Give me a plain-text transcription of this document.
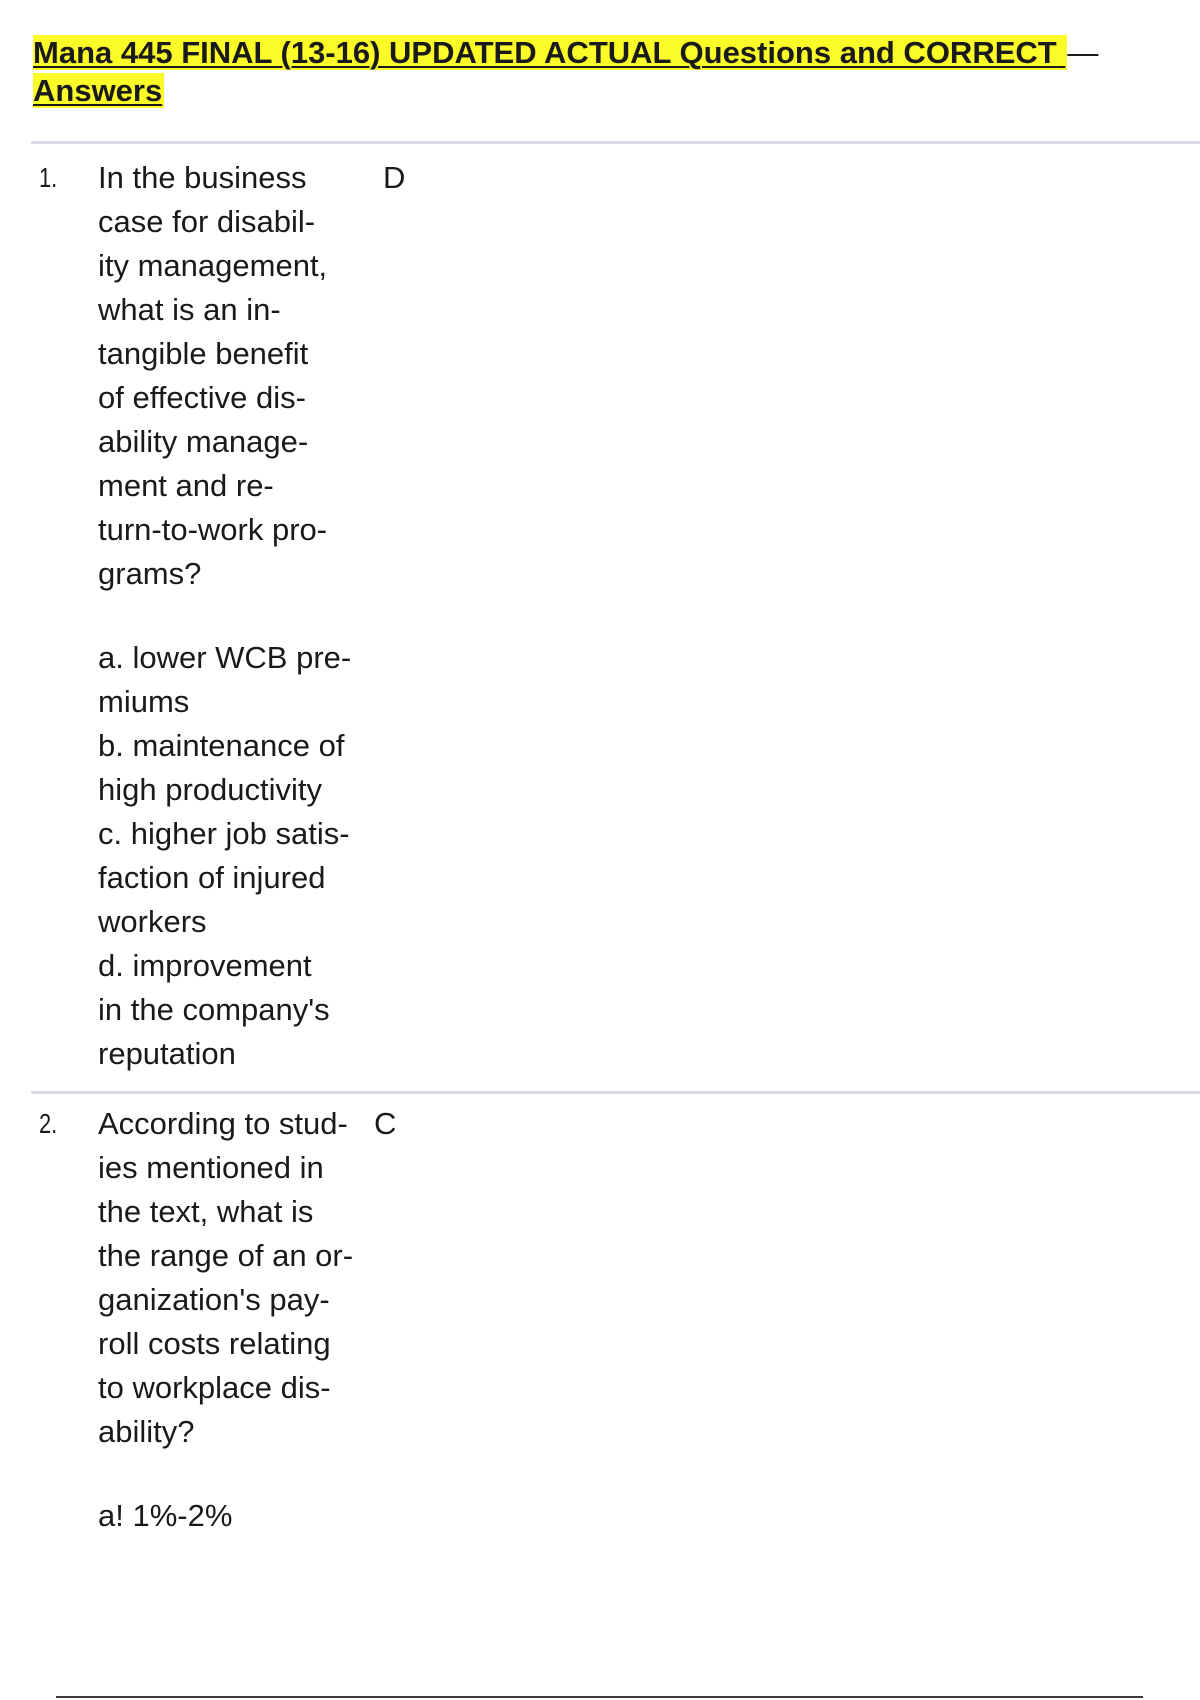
Mana 445 FINAL (13-16) UPDATED ACTUAL Questions and CORRECT —
Answers
1. In the business
case for disabil-
ity management,
what is an in-
tangible benefit
of effective dis-
ability manage-
ment and re-
turn-to-work pro-
grams?
a. lower WCB pre-
miums
b. maintenance of
high productivity
c. higher job satis-
faction of injured
workers
d. improvement
in the company's
reputation
D
2. According to stud-
ies mentioned in
the text, what is
the range of an or-
ganization's pay-
roll costs relating
to workplace dis-
ability?
a! 1%-2%
C
